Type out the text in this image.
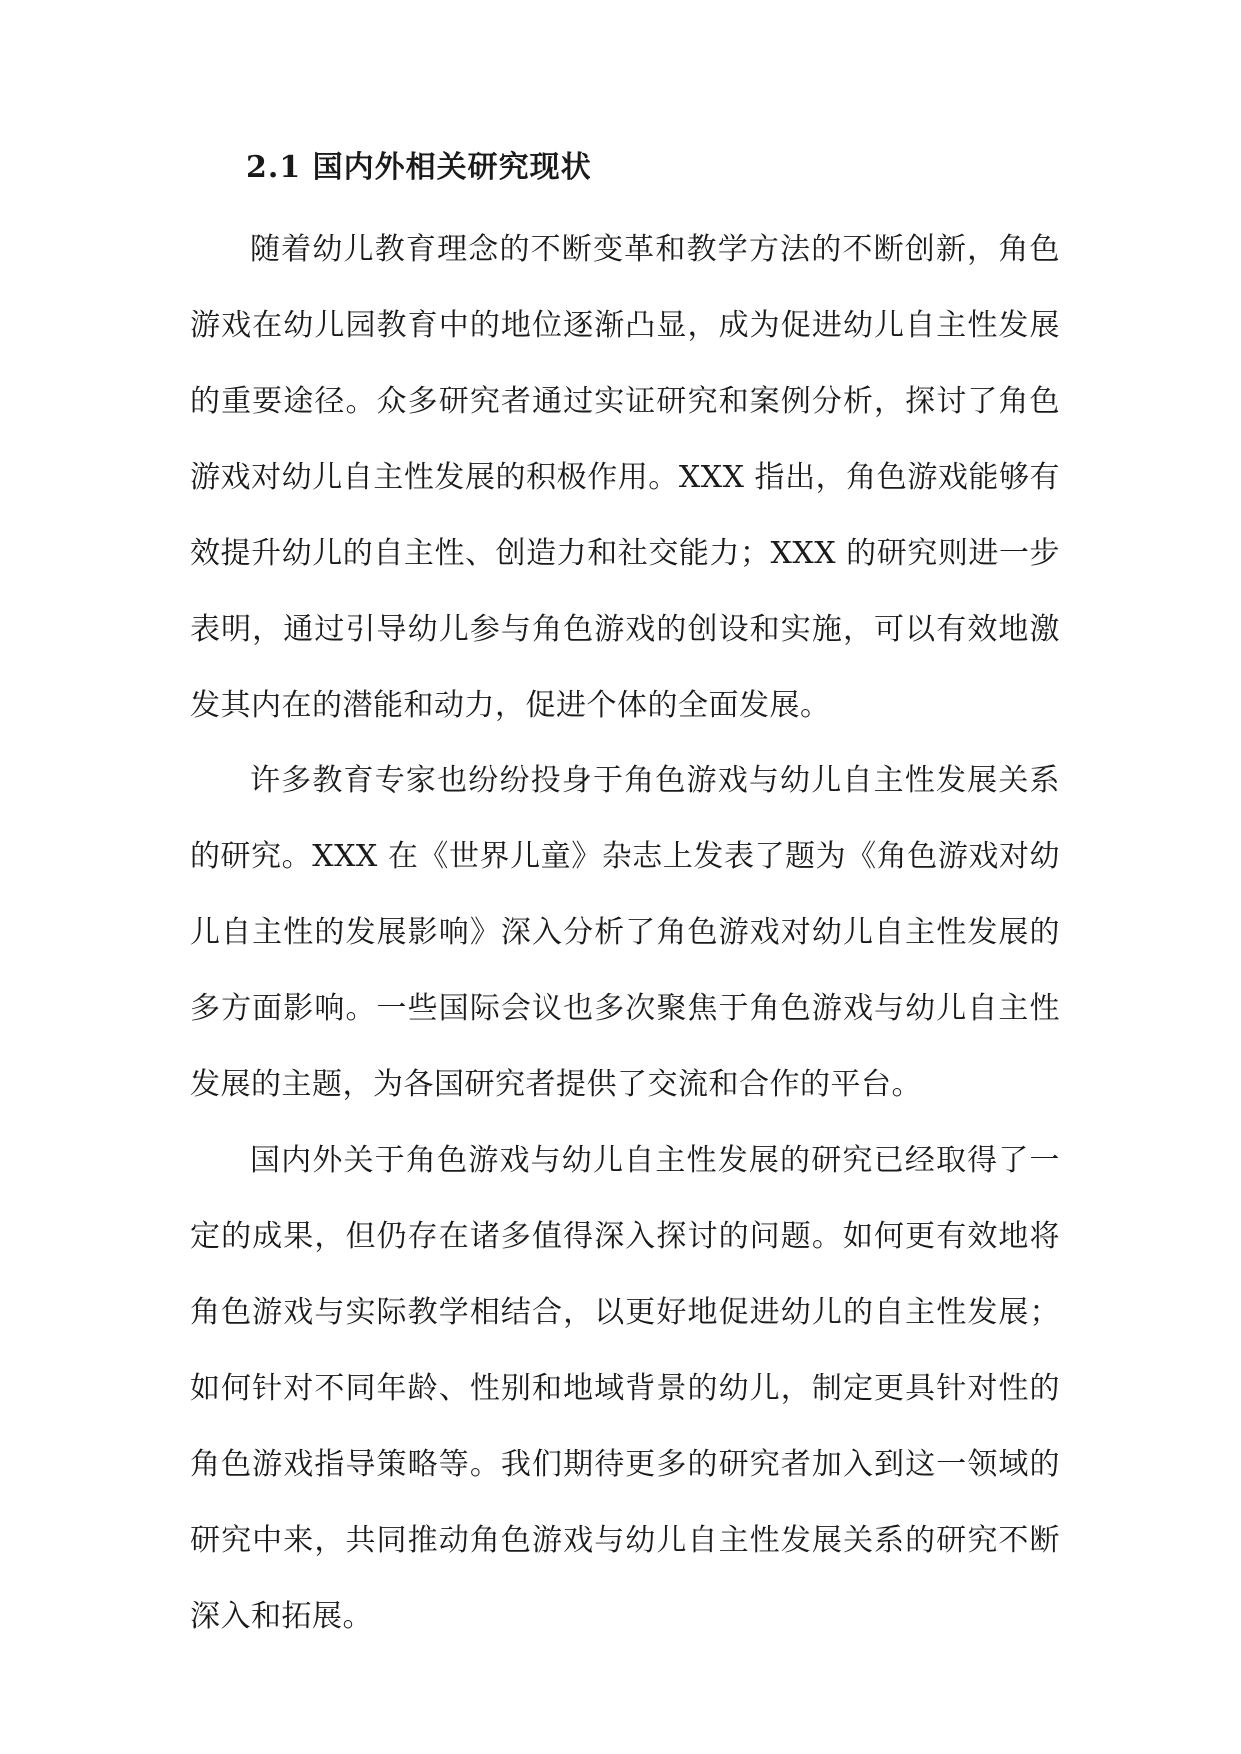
2.1 国内外相关研究现状

随着幼儿教育理念的不断变革和教学方法的不断创新，角色游戏在幼儿园教育中的地位逐渐凸显，成为促进幼儿自主性发展的重要途径。众多研究者通过实证研究和案例分析，探讨了角色游戏对幼儿自主性发展的积极作用。XXX 指出，角色游戏能够有效提升幼儿的自主性、创造力和社交能力；XXX 的研究则进一步表明，通过引导幼儿参与角色游戏的创设和实施，可以有效地激发其内在的潜能和动力，促进个体的全面发展。

许多教育专家也纷纷投身于角色游戏与幼儿自主性发展关系的研究。XXX 在《世界儿童》杂志上发表了题为《角色游戏对幼儿自主性的发展影响》深入分析了角色游戏对幼儿自主性发展的多方面影响。一些国际会议也多次聚焦于角色游戏与幼儿自主性发展的主题，为各国研究者提供了交流和合作的平台。

国内外关于角色游戏与幼儿自主性发展的研究已经取得了一定的成果，但仍存在诸多值得深入探讨的问题。如何更有效地将角色游戏与实际教学相结合，以更好地促进幼儿的自主性发展；如何针对不同年龄、性别和地域背景的幼儿，制定更具针对性的角色游戏指导策略等。我们期待更多的研究者加入到这一领域的研究中来，共同推动角色游戏与幼儿自主性发展关系的研究不断深入和拓展。
